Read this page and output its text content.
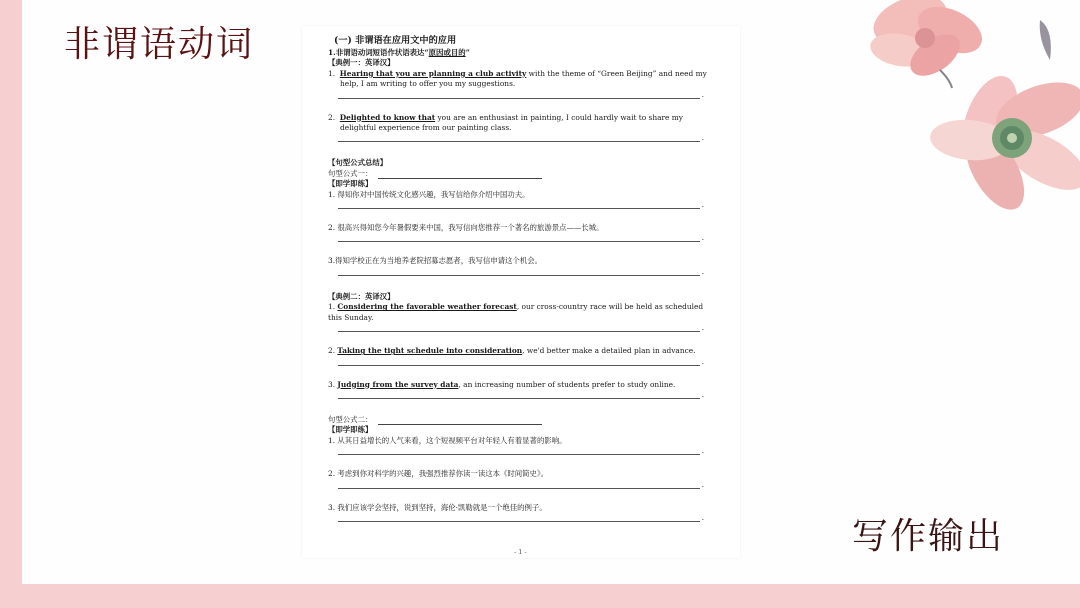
非谓语动词	(一) 非谓语在应用文中的应用
1.非谓语动词短语作状语表达“原因或目的”
【典例一：英译汉】
1. Hearing that you are planning a club activity with the theme of “Green Beijing” and need my help, I am writing to offer you my suggestions.
.
2. Delighted to know that you are an enthusiast in painting, I could hardly wait to share my delightful experience from our painting class.
.
【句型公式总结】
句型公式一：
【即学即练】
1. 得知你对中国传统文化感兴趣，我写信给你介绍中国功夫。
.
2. 很高兴得知您今年暑假要来中国，我写信向您推荐一个著名的旅游景点——长城。
.
3.得知学校正在为当地养老院招募志愿者，我写信申请这个机会。
.
【典例二：英译汉】
1. Considering the favorable weather forecast, our cross-country race will be held as scheduled this Sunday.
.
2. Taking the tight schedule into consideration, we'd better make a detailed plan in advance.
.
3. Judging from the survey data, an increasing number of students prefer to study online.
.
句型公式二：
【即学即练】
1. 从其日益增长的人气来看，这个短视频平台对年轻人有着显著的影响。
.
2. 考虑到你对科学的兴趣，我强烈推荐你读一读这本《时间简史》。
.
3. 我们应该学会坚持，说到坚持，海伦·凯勒就是一个绝佳的例子。
.
- 1 -	写作输出
